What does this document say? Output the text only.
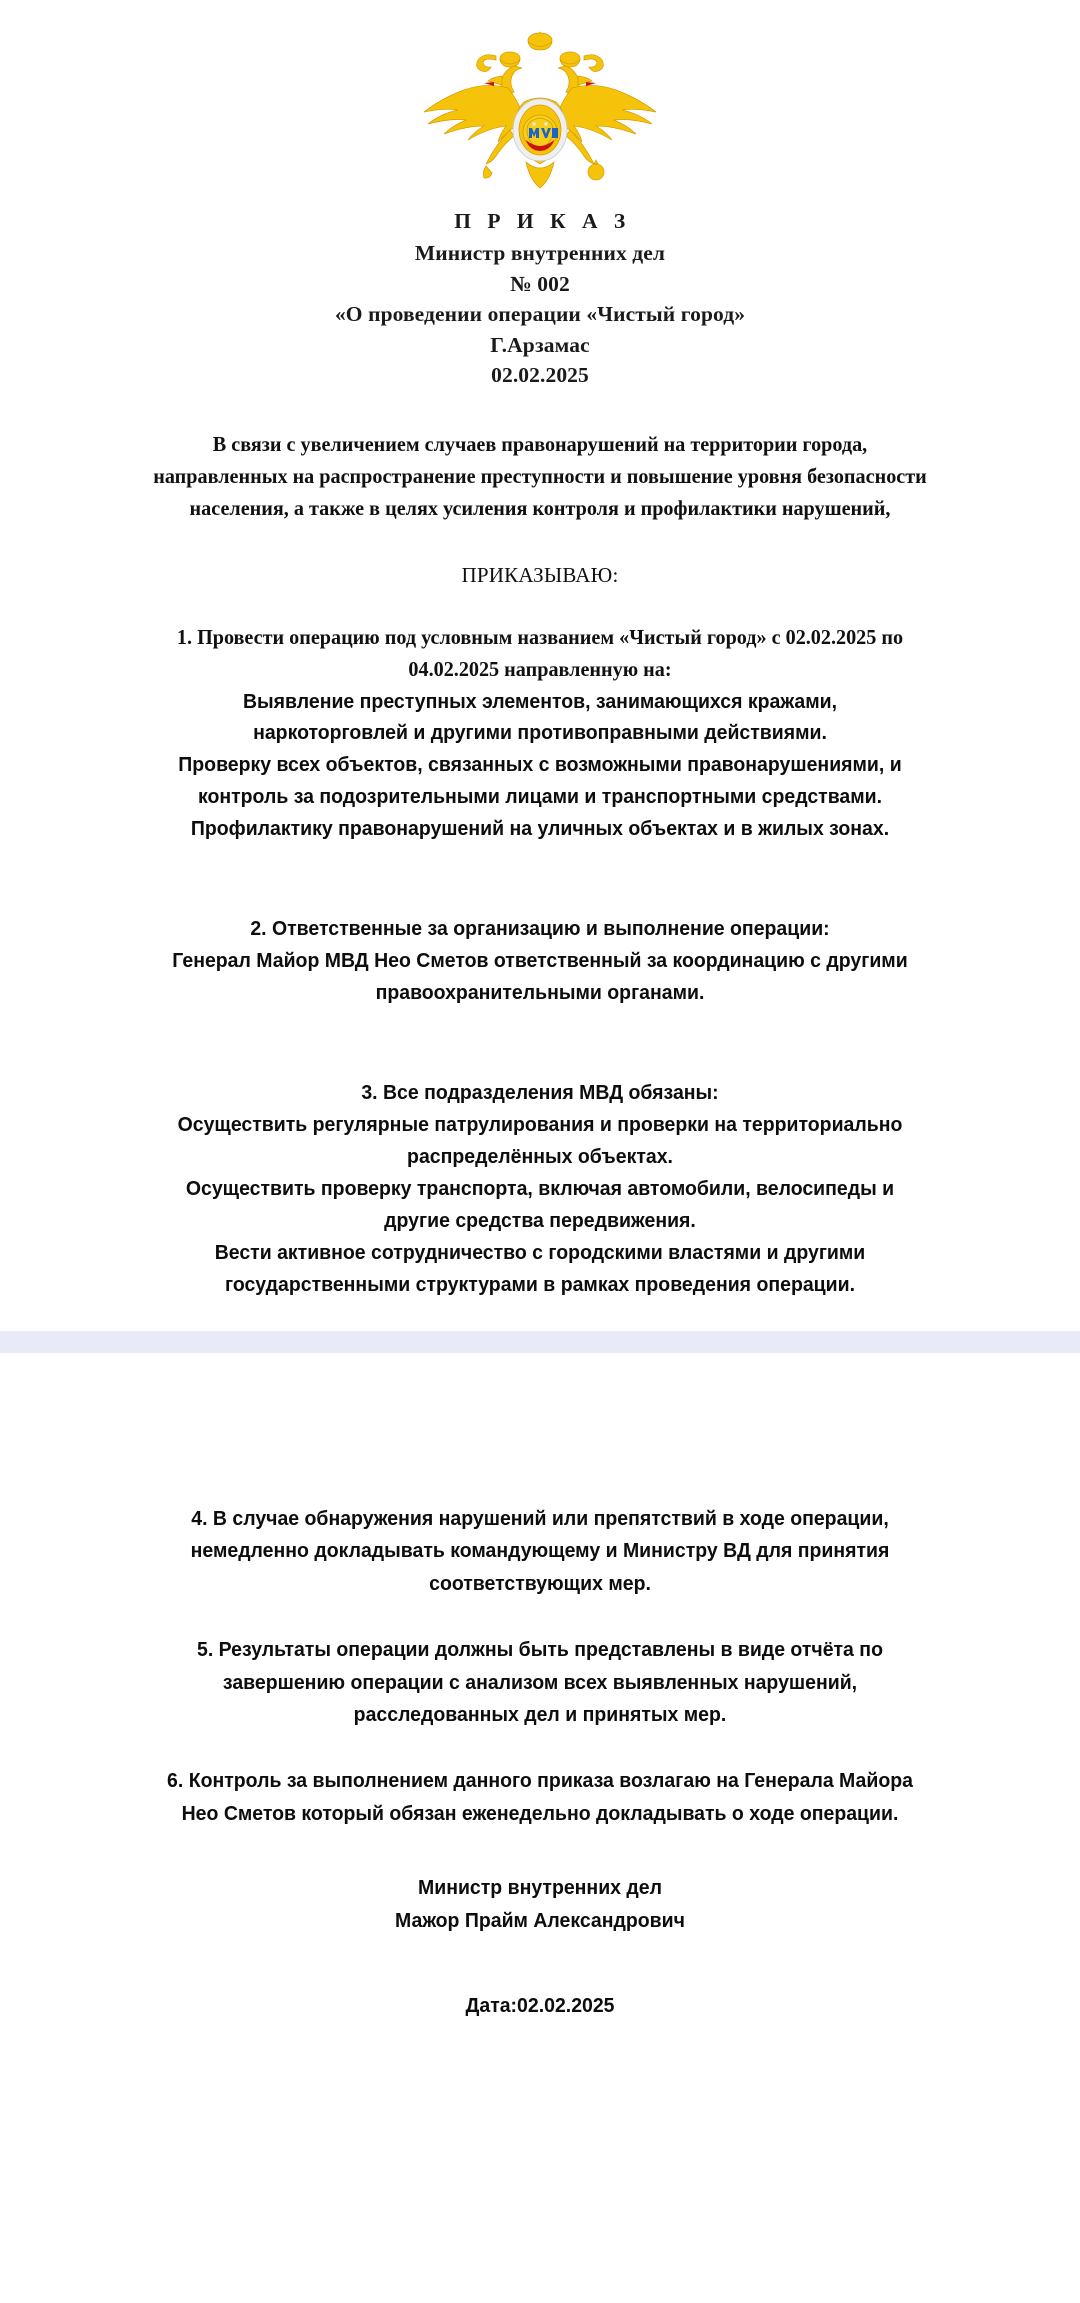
П Р И К А З
Министр внутренних дел
№ 002
«О проведении операции «Чистый город»
Г.Арзамас
02.02.2025
В связи с увеличением случаев правонарушений на территории города,
направленных на распространение преступности и повышение уровня безопасности
населения, а также в целях усиления контроля и профилактики нарушений,
ПРИКАЗЫВАЮ:
1. Провести операцию под условным названием «Чистый город» с 02.02.2025 по
04.02.2025 направленную на:
Выявление преступных элементов, занимающихся кражами,
наркоторговлей и другими противоправными действиями.
Проверку всех объектов, связанных с возможными правонарушениями, и
контроль за подозрительными лицами и транспортными средствами.
Профилактику правонарушений на уличных объектах и в жилых зонах.
2. Ответственные за организацию и выполнение операции:
Генерал Майор МВД Нео Сметов ответственный за координацию с другими
правоохранительными органами.
3. Все подразделения МВД обязаны:
Осуществить регулярные патрулирования и проверки на территориально
распределённых объектах.
Осуществить проверку транспорта, включая автомобили, велосипеды и
другие средства передвижения.
Вести активное сотрудничество с городскими властями и другими
государственными структурами в рамках проведения операции.
4. В случае обнаружения нарушений или препятствий в ходе операции,
немедленно докладывать командующему и Министру ВД для принятия
соответствующих мер.
5. Результаты операции должны быть представлены в виде отчёта по
завершению операции с анализом всех выявленных нарушений,
расследованных дел и принятых мер.
6. Контроль за выполнением данного приказа возлагаю на Генерала Майора
Нео Сметов который обязан еженедельно докладывать о ходе операции.
Министр внутренних дел
Мажор Прайм Александрович
Дата:02.02.2025
